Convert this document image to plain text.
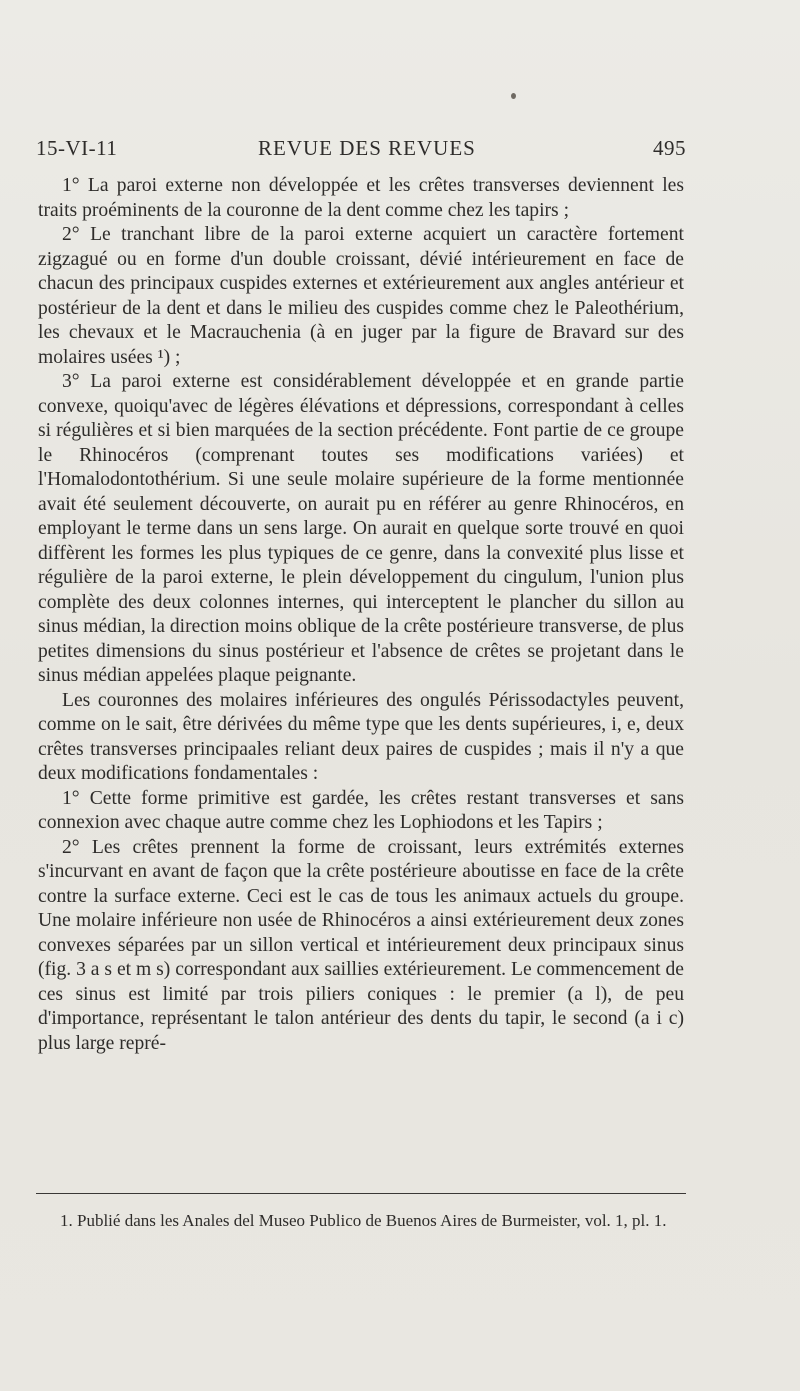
15-VI-11	REVUE DES REVUES	495

1° La paroi externe non développée et les crêtes transverses deviennent les traits proéminents de la couronne de la dent comme chez les tapirs ;

2° Le tranchant libre de la paroi externe acquiert un caractère fortement zigzagué ou en forme d'un double croissant, dévié intérieurement en face de chacun des principaux cuspides externes et extérieurement aux angles antérieur et postérieur de la dent et dans le milieu des cuspides comme chez le Paleothérium, les chevaux et le Macrauchenia (à en juger par la figure de Bravard sur des molaires usées ¹) ;

3° La paroi externe est considérablement développée et en grande partie convexe, quoiqu'avec de légères élévations et dépressions, correspondant à celles si régulières et si bien marquées de la section précédente. Font partie de ce groupe le Rhinocéros (comprenant toutes ses modifications variées) et l'Homalodontothérium. Si une seule molaire supérieure de la forme mentionnée avait été seulement découverte, on aurait pu en référer au genre Rhinocéros, en employant le terme dans un sens large. On aurait en quelque sorte trouvé en quoi diffèrent les formes les plus typiques de ce genre, dans la convexité plus lisse et régulière de la paroi externe, le plein développement du cingulum, l'union plus complète des deux colonnes internes, qui interceptent le plancher du sillon au sinus médian, la direction moins oblique de la crête postérieure transverse, de plus petites dimensions du sinus postérieur et l'absence de crêtes se projetant dans le sinus médian appelées plaque peignante.

Les couronnes des molaires inférieures des ongulés Périssodactyles peuvent, comme on le sait, être dérivées du même type que les dents supérieures, i, e, deux crêtes transverses principaales reliant deux paires de cuspides ; mais il n'y a que deux modifications fondamentales :

1° Cette forme primitive est gardée, les crêtes restant transverses et sans connexion avec chaque autre comme chez les Lophiodons et les Tapirs ;

2° Les crêtes prennent la forme de croissant, leurs extrémités externes s'incurvant en avant de façon que la crête postérieure aboutisse en face de la crête contre la surface externe. Ceci est le cas de tous les animaux actuels du groupe. Une molaire inférieure non usée de Rhinocéros a ainsi extérieurement deux zones convexes séparées par un sillon vertical et intérieurement deux principaux sinus (fig. 3 a s et m s) correspondant aux saillies extérieurement. Le commencement de ces sinus est limité par trois piliers coniques : le premier (a l), de peu d'importance, représentant le talon antérieur des dents du tapir, le second (a i c) plus large repré-

1. Publié dans les Anales del Museo Publico de Buenos Aires de Burmeister, vol. 1, pl. 1.
